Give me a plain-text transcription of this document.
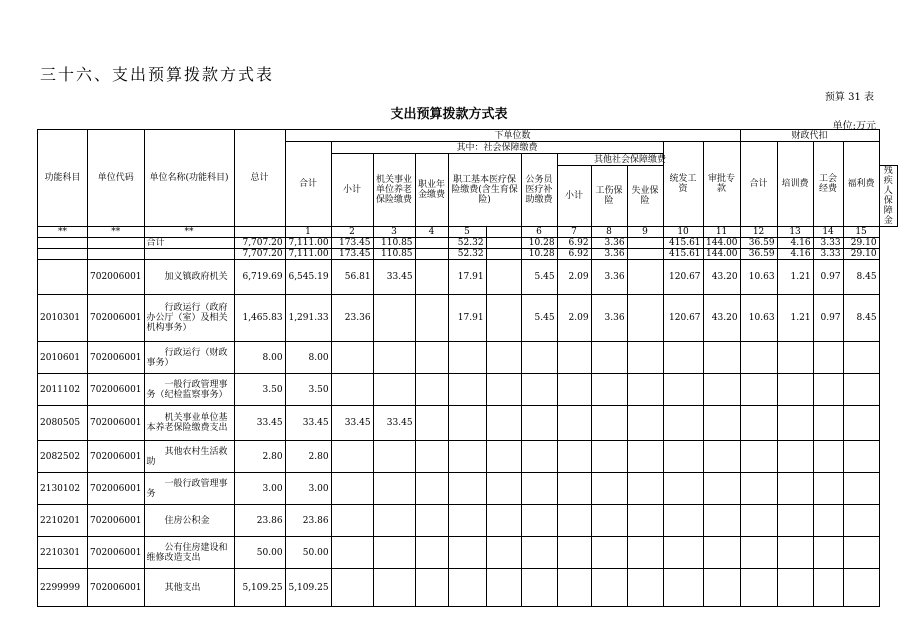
三十六、支出预算拨款方式表
预算 31 表
支出预算拨款方式表
单位:万元
功能科目	单位代码	单位名称(功能科目)	总计	下单位数												财政代扣				
				合计	其中：社会保障缴费									统发工资	审批专款	合计	培训费	工会经费	福利费	
					小计	机关事业单位养老保险缴费	职业年金缴费	职工基本医疗保险缴费(含生育保险)		公务员医疗补助缴费	其他社会保障缴费									
											小计	工伤保险	失业保险							残疾人保障金
**	**	**		1	2	3	4	5		6	7	8	9	10	11	12	13	14	15	
		合计	7,707.20	7,111.00	173.45	110.85		52.32		10.28	6.92	3.36		415.61	144.00	36.59	4.16	3.33	29.10	
			7,707.20	7,111.00	173.45	110.85		52.32		10.28	6.92	3.36		415.61	144.00	36.59	4.16	3.33	29.10	
	702006001	加义镇政府机关	6,719.69	6,545.19	56.81	33.45		17.91		5.45	2.09	3.36		120.67	43.20	10.63	1.21	0.97	8.45	
2010301	702006001	行政运行（政府办公厅（室）及相关机构事务）	1,465.83	1,291.33	23.36			17.91		5.45	2.09	3.36		120.67	43.20	10.63	1.21	0.97	8.45	
2010601	702006001	行政运行（财政事务）	8.00	8.00																
2011102	702006001	一般行政管理事务（纪检监察事务）	3.50	3.50																
2080505	702006001	机关事业单位基本养老保险缴费支出	33.45	33.45	33.45	33.45														
2082502	702006001	其他农村生活救助	2.80	2.80																
2130102	702006001	一般行政管理事务	3.00	3.00																
2210201	702006001	住房公积金	23.86	23.86																
2210301	702006001	公有住房建设和维修改造支出	50.00	50.00																
2299999	702006001	其他支出	5,109.25	5,109.25																
